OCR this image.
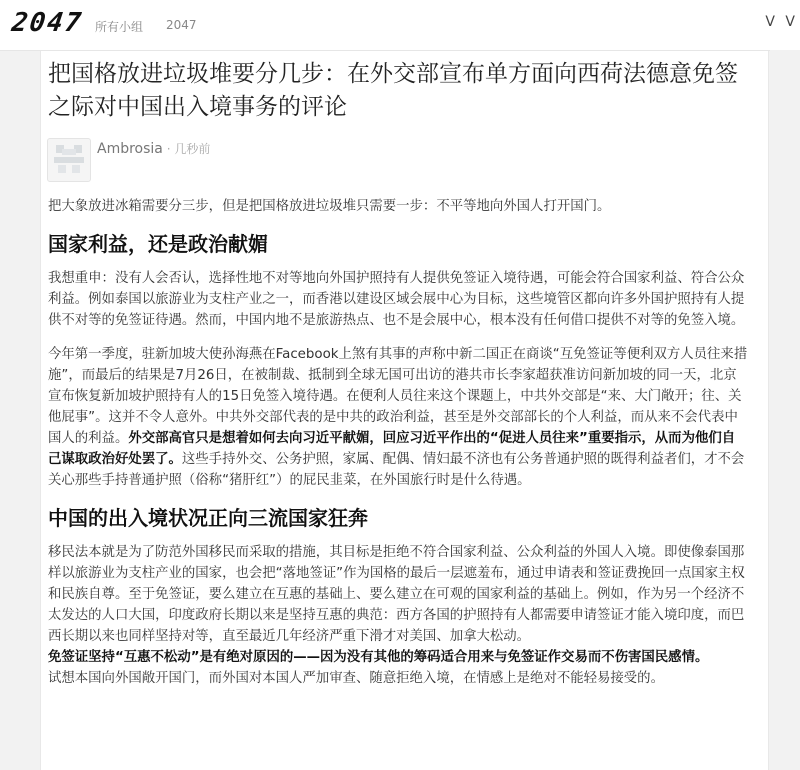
2047 所有小组 2047	V V
把国格放进垃圾堆要分几步：在外交部宣布单方面向西荷法德意免签之际对中国出入境事务的评论
Ambrosia · 几秒前

把大象放进冰箱需要分三步，但是把国格放进垃圾堆只需要一步：不平等地向外国人打开国门。

国家利益，还是政治献媚

我想重申：没有人会否认，选择性地不对等地向外国护照持有人提供免签证入境待遇，可能会符合国家利益、符合公众利益。例如泰国以旅游业为支柱产业之一，而香港以建设区域会展中心为目标，这些境管区都向许多外国护照持有人提供不对等的免签证待遇。然而，中国内地不是旅游热点、也不是会展中心，根本没有任何借口提供不对等的免签入境。

今年第一季度，驻新加坡大使孙海燕在Facebook上煞有其事的声称中新二国正在商谈“互免签证等便利双方人员往来措施”，而最后的结果是7月26日，在被制裁、抵制到全球无国可出访的港共市长李家超获准访问新加坡的同一天，北京宣布恢复新加坡护照持有人的15日免签入境待遇。在便利人员往来这个课题上，中共外交部是“来、大门敞开；往、关他屁事”。这并不令人意外。中共外交部代表的是中共的政治利益，甚至是外交部部长的个人利益，而从来不会代表中国人的利益。外交部高官只是想着如何去向习近平献媚，回应习近平作出的“促进人员往来”重要指示，从而为他们自己谋取政治好处罢了。这些手持外交、公务护照，家属、配偶、情妇最不济也有公务普通护照的既得利益者们，才不会关心那些手持普通护照（俗称“猪肝红”）的屁民韭菜，在外国旅行时是什么待遇。

中国的出入境状况正向三流国家狂奔

移民法本就是为了防范外国移民而采取的措施，其目标是拒绝不符合国家利益、公众利益的外国人入境。即使像泰国那样以旅游业为支柱产业的国家，也会把“落地签证”作为国格的最后一层遮羞布，通过申请表和签证费挽回一点国家主权和民族自尊。至于免签证，要么建立在互惠的基础上、要么建立在可观的国家利益的基础上。例如，作为另一个经济不太发达的人口大国，印度政府长期以来是坚持互惠的典范：西方各国的护照持有人都需要申请签证才能入境印度，而巴西长期以来也同样坚持对等，直至最近几年经济严重下滑才对美国、加拿大松动。
免签证坚持“互惠不松动”是有绝对原因的——因为没有其他的筹码适合用来与免签证作交易而不伤害国民感情。
试想本国向外国敞开国门，而外国对本国人严加审查、随意拒绝入境，在情感上是绝对不能轻易接受的。
